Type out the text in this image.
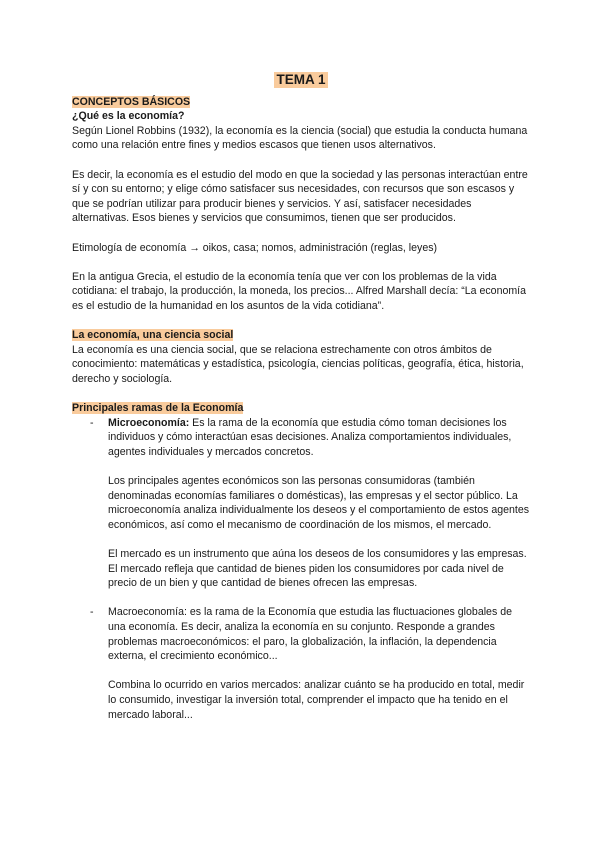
TEMA 1
CONCEPTOS BÁSICOS

¿Qué es la economía?

Según Lionel Robbins (1932), la economía es la ciencia (social) que estudia la conducta humana como una relación entre fines y medios escasos que tienen usos alternativos.

Es decir, la economía es el estudio del modo en que la sociedad y las personas interactúan entre sí y con su entorno; y elige cómo satisfacer sus necesidades, con recursos que son escasos y que se podrían utilizar para producir bienes y servicios. Y así, satisfacer necesidades alternativas. Esos bienes y servicios que consumimos, tienen que ser producidos.

Etimología de economía → oikos, casa; nomos, administración (reglas, leyes)

En la antigua Grecia, el estudio de la economía tenía que ver con los problemas de la vida cotidiana: el trabajo, la producción, la moneda, los precios... Alfred Marshall decía: “La economía es el estudio de la humanidad en los asuntos de la vida cotidiana”.

La economía, una ciencia social

La economía es una ciencia social, que se relaciona estrechamente con otros ámbitos de conocimiento: matemáticas y estadística, psicología, ciencias políticas, geografía, ética, historia, derecho y sociología.

Principales ramas de la Economía
- Microeconomía: Es la rama de la economía que estudia cómo toman decisiones los individuos y cómo interactúan esas decisiones. Analiza comportamientos individuales, agentes individuales y mercados concretos.

Los principales agentes económicos son las personas consumidoras (también denominadas economías familiares o domésticas), las empresas y el sector público. La microeconomía analiza individualmente los deseos y el comportamiento de estos agentes económicos, así como el mecanismo de coordinación de los mismos, el mercado.

El mercado es un instrumento que aúna los deseos de los consumidores y las empresas. El mercado refleja que cantidad de bienes piden los consumidores por cada nivel de precio de un bien y que cantidad de bienes ofrecen las empresas.

- Macroeconomía: es la rama de la Economía que estudia las fluctuaciones globales de una economía. Es decir, analiza la economía en su conjunto. Responde a grandes problemas macroeconómicos: el paro, la globalización, la inflación, la dependencia externa, el crecimiento económico...

Combina lo ocurrido en varios mercados: analizar cuánto se ha producido en total, medir lo consumido, investigar la inversión total, comprender el impacto que ha tenido en el mercado laboral...
